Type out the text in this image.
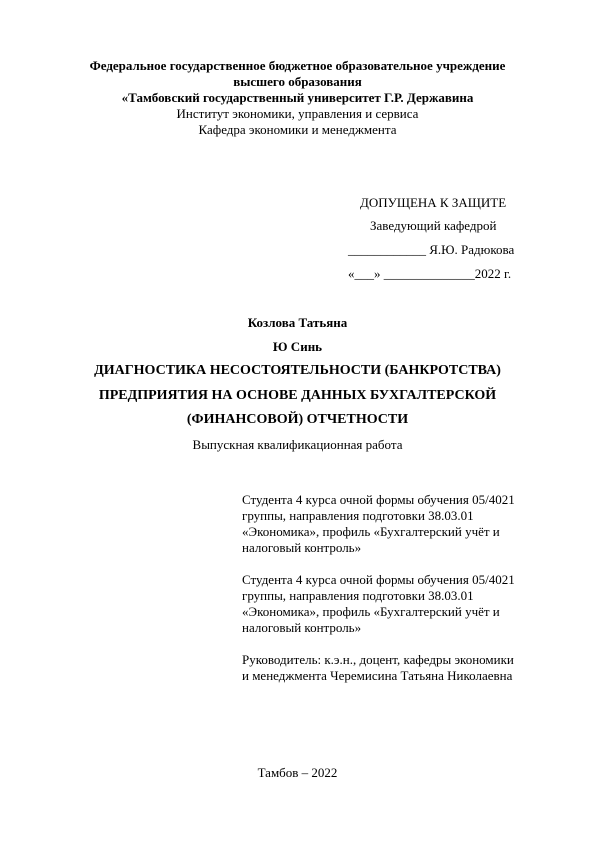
Федеральное государственное бюджетное образовательное учреждение
высшего образования
«Тамбовский государственный университет Г.Р. Державина
Институт экономики, управления и сервиса
Кафедра экономики и менеджмента
ДОПУЩЕНА К ЗАЩИТЕ
Заведующий кафедрой
____________ Я.Ю. Радюкова
«___» ______________2022 г.
Козлова Татьяна
Ю Синь
ДИАГНОСТИКА НЕСОСТОЯТЕЛЬНОСТИ (БАНКРОТСТВА)
ПРЕДПРИЯТИЯ НА ОСНОВЕ ДАННЫХ БУХГАЛТЕРСКОЙ
(ФИНАНСОВОЙ) ОТЧЕТНОСТИ
Выпускная квалификационная работа

Студента 4 курса очной формы обучения 05/4021

группы, направления подготовки 38.03.01

«Экономика», профиль «Бухгалтерский учёт и

налоговый контроль»

Студента 4 курса очной формы обучения 05/4021

группы, направления подготовки 38.03.01

«Экономика», профиль «Бухгалтерский учёт и

налоговый контроль»

Руководитель: к.э.н., доцент, кафедры экономики

и менеджмента Черемисина Татьяна Николаевна

Тамбов – 2022
